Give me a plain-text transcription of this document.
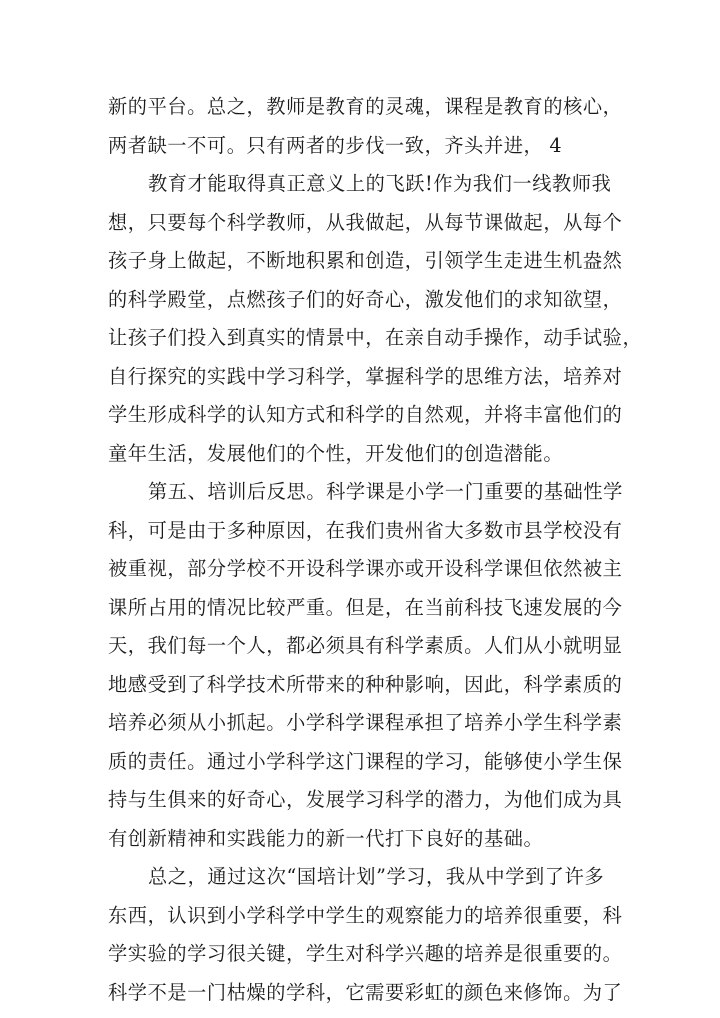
新的平台。总之，教师是教育的灵魂，课程是教育的核心，
两者缺一不可。只有两者的步伐一致，齐头并进， 4
教育才能取得真正意义上的飞跃!作为我们一线教师我
想，只要每个科学教师，从我做起，从每节课做起，从每个
孩子身上做起，不断地积累和创造，引领学生走进生机盎然
的科学殿堂，点燃孩子们的好奇心，激发他们的求知欲望，
让孩子们投入到真实的情景中，在亲自动手操作，动手试验，
自行探究的实践中学习科学，掌握科学的思维方法，培养对
学生形成科学的认知方式和科学的自然观，并将丰富他们的
童年生活，发展他们的个性，开发他们的创造潜能。
第五、培训后反思。科学课是小学一门重要的基础性学
科，可是由于多种原因，在我们贵州省大多数市县学校没有
被重视，部分学校不开设科学课亦或开设科学课但依然被主
课所占用的情况比较严重。但是，在当前科技飞速发展的今
天，我们每一个人，都必须具有科学素质。人们从小就明显
地感受到了科学技术所带来的种种影响，因此，科学素质的
培养必须从小抓起。小学科学课程承担了培养小学生科学素
质的责任。通过小学科学这门课程的学习，能够使小学生保
持与生俱来的好奇心，发展学习科学的潜力，为他们成为具
有创新精神和实践能力的新一代打下良好的基础。
总之，通过这次“国培计划”学习，我从中学到了许多
东西，认识到小学科学中学生的观察能力的培养很重要，科
学实验的学习很关键，学生对科学兴趣的培养是很重要的。
科学不是一门枯燥的学科，它需要彩虹的颜色来修饰。为了
